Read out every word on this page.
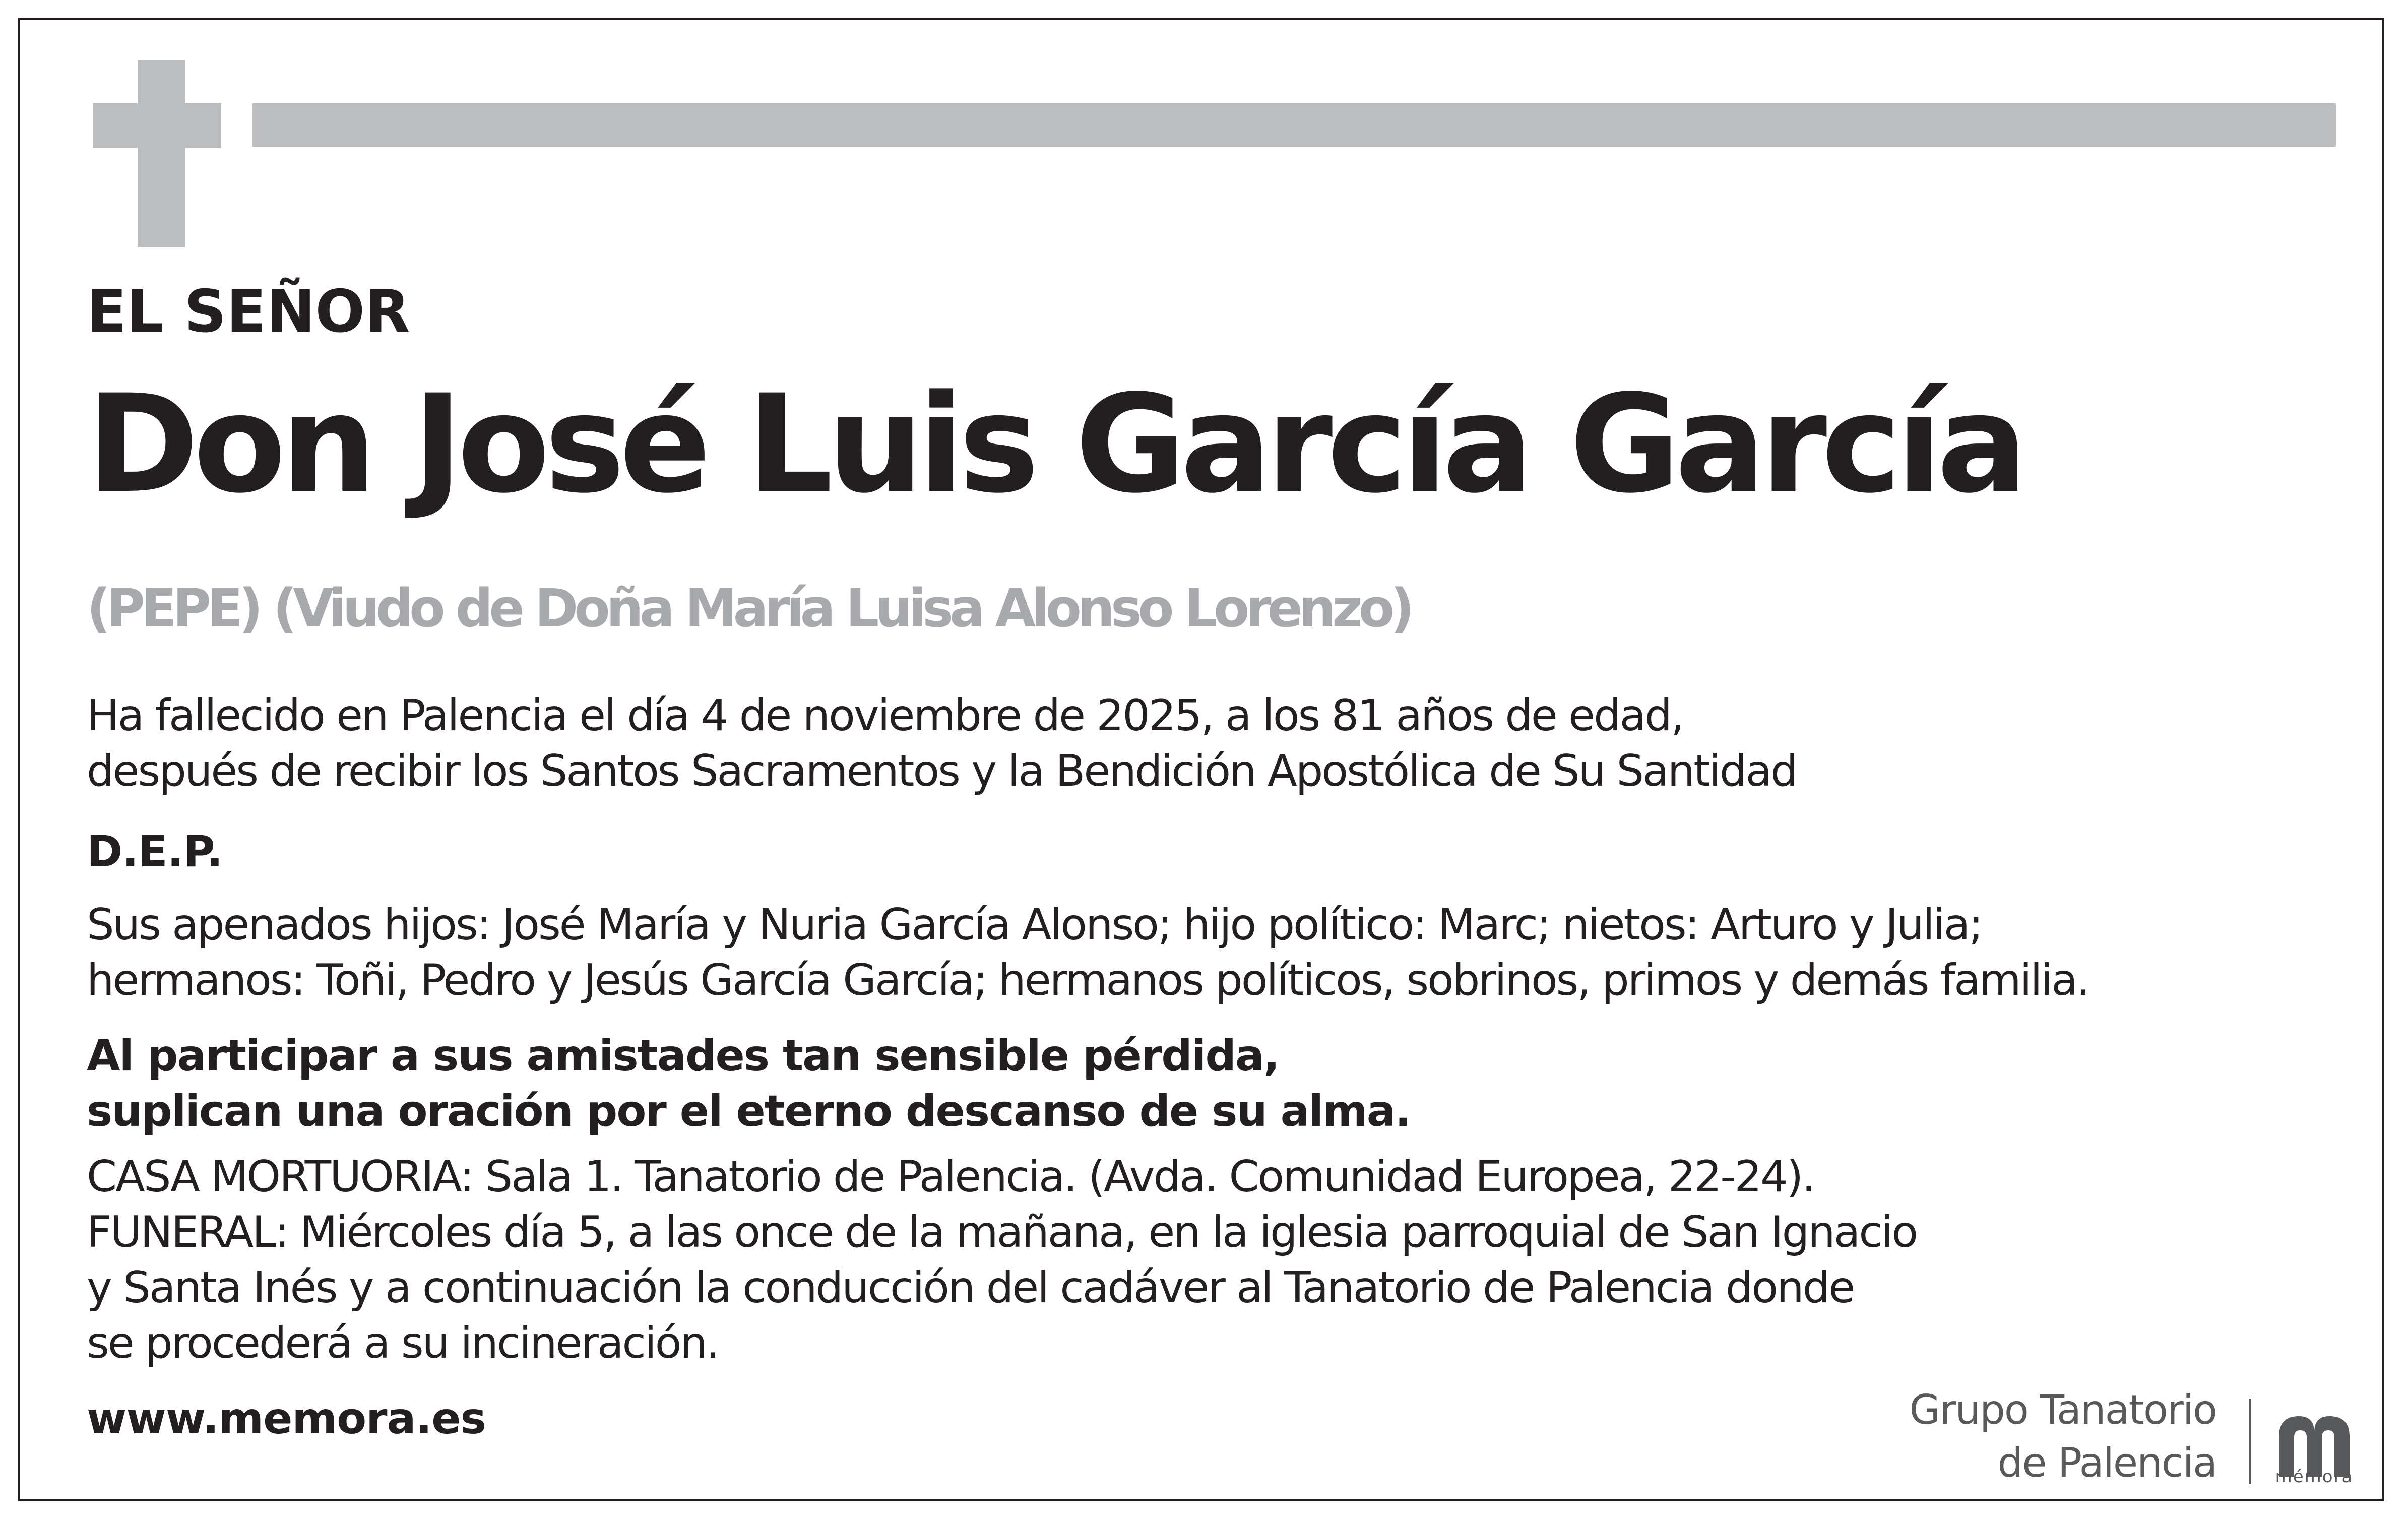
EL SEÑOR
Don José Luis García García
(PEPE) (Viudo de Doña María Luisa Alonso Lorenzo)
Ha fallecido en Palencia el día 4 de noviembre de 2025, a los 81 años de edad,
después de recibir los Santos Sacramentos y la Bendición Apostólica de Su Santidad
D.E.P.
Sus apenados hijos: José María y Nuria García Alonso; hijo político: Marc; nietos: Arturo y Julia;
hermanos: Toñi, Pedro y Jesús García García; hermanos políticos, sobrinos, primos y demás familia.
Al participar a sus amistades tan sensible pérdida,
suplican una oración por el eterno descanso de su alma.
CASA MORTUORIA: Sala 1. Tanatorio de Palencia. (Avda. Comunidad Europea, 22-24).
FUNERAL: Miércoles día 5, a las once de la mañana, en la iglesia parroquial de San Ignacio
y Santa Inés y a continuación la conducción del cadáver al Tanatorio de Palencia donde
se procederá a su incineración.
www.memora.es	Grupo Tanatorio
de Palencia	mémora
